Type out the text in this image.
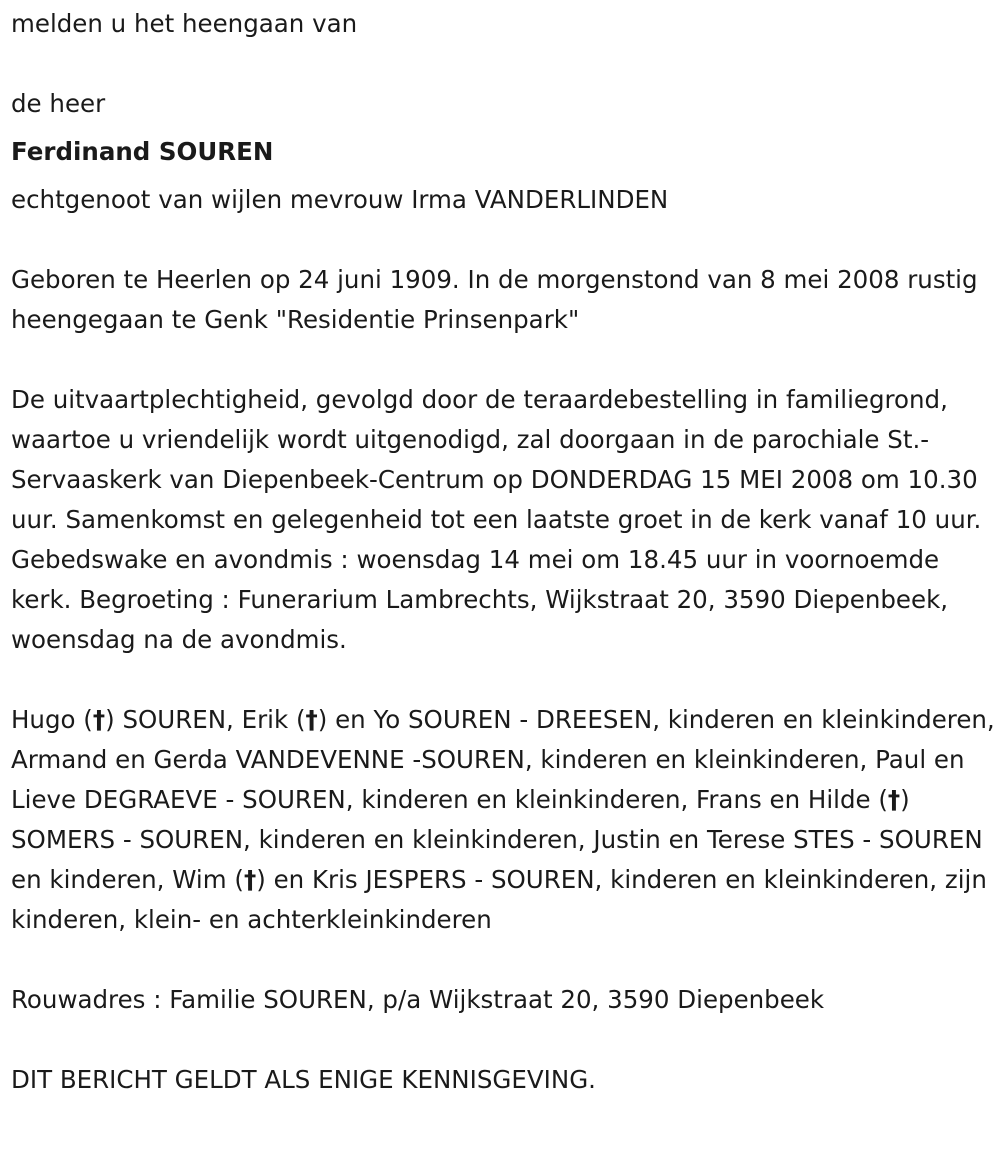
melden u het heengaan van

de heer

Ferdinand SOUREN

echtgenoot van wijlen mevrouw Irma VANDERLINDEN

Geboren te Heerlen op 24 juni 1909. In de morgenstond van 8 mei 2008 rustig heengegaan te Genk "Residentie Prinsenpark"

De uitvaartplechtigheid, gevolgd door de teraardebestelling in familiegrond, waartoe u vriendelijk wordt uitgenodigd, zal doorgaan in de parochiale St.-Servaaskerk van Diepenbeek-Centrum op DONDERDAG 15 MEI 2008 om 10.30 uur. Samenkomst en gelegenheid tot een laatste groet in de kerk vanaf 10 uur. Gebedswake en avondmis : woensdag 14 mei om 18.45 uur in voornoemde kerk. Begroeting : Funerarium Lambrechts, Wijkstraat 20, 3590 Diepenbeek, woensdag na de avondmis.

Hugo (†) SOUREN, Erik (†) en Yo SOUREN - DREESEN, kinderen en kleinkinderen, Armand en Gerda VANDEVENNE -SOUREN, kinderen en kleinkinderen, Paul en Lieve DEGRAEVE - SOUREN, kinderen en kleinkinderen, Frans en Hilde (†) SOMERS - SOUREN, kinderen en kleinkinderen, Justin en Terese STES - SOUREN en kinderen, Wim (†) en Kris JESPERS - SOUREN, kinderen en kleinkinderen, zijn kinderen, klein- en achterkleinkinderen

Rouwadres : Familie SOUREN, p/a Wijkstraat 20, 3590 Diepenbeek

DIT BERICHT GELDT ALS ENIGE KENNISGEVING.
